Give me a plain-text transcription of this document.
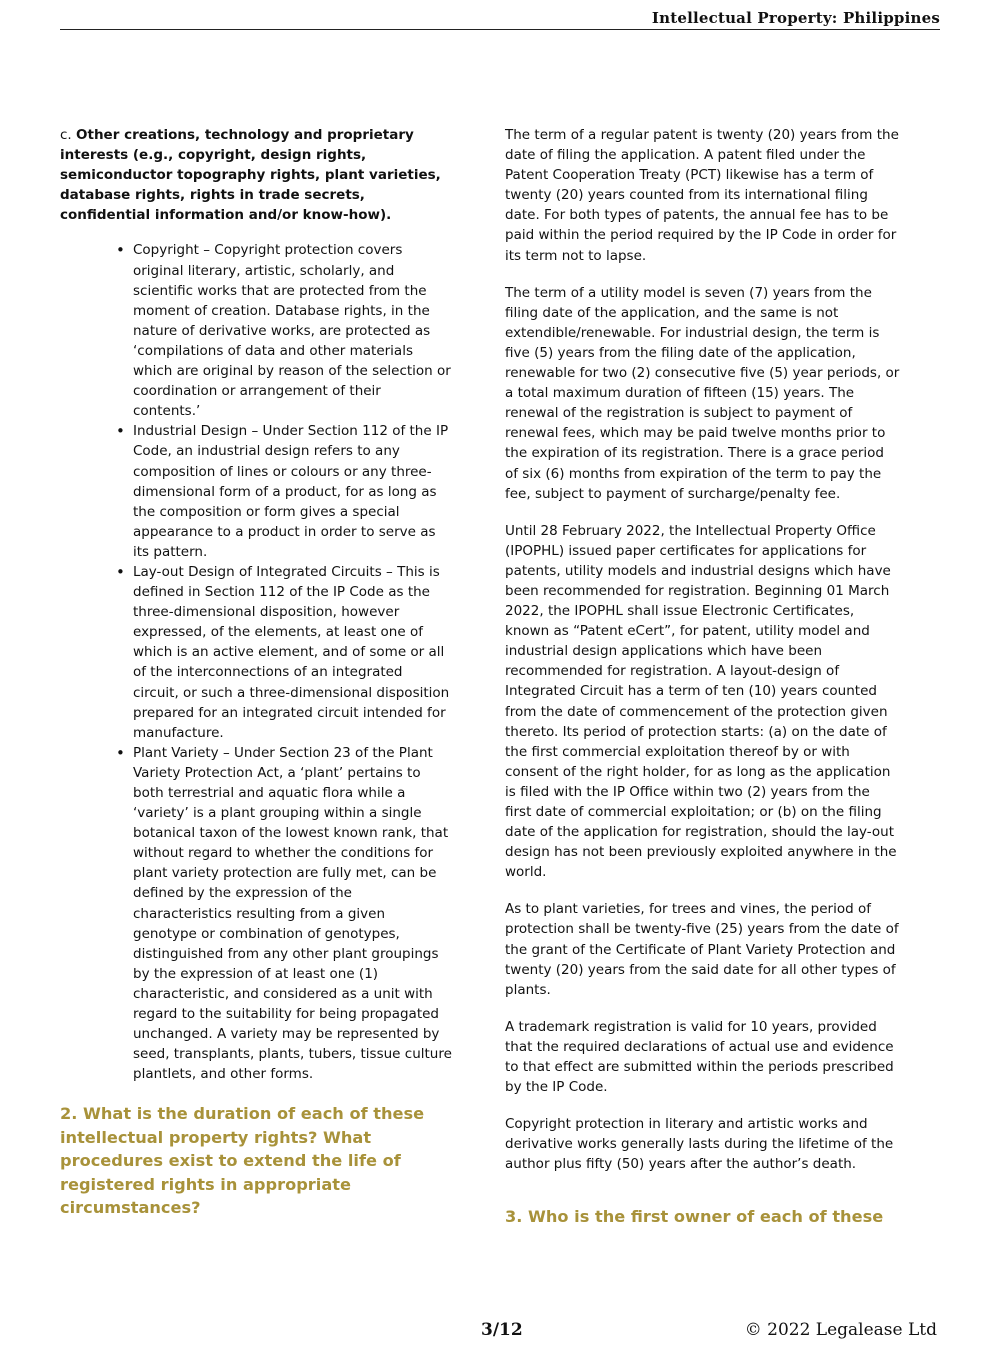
Intellectual Property: Philippines

c. Other creations, technology and proprietary interests (e.g., copyright, design rights, semiconductor topography rights, plant varieties, database rights, rights in trade secrets, confidential information and/or know-how).

• Copyright – Copyright protection covers original literary, artistic, scholarly, and scientific works that are protected from the moment of creation. Database rights, in the nature of derivative works, are protected as ‘compilations of data and other materials which are original by reason of the selection or coordination or arrangement of their contents.’
• Industrial Design – Under Section 112 of the IP Code, an industrial design refers to any composition of lines or colours or any three-dimensional form of a product, for as long as the composition or form gives a special appearance to a product in order to serve as its pattern.
• Lay-out Design of Integrated Circuits – This is defined in Section 112 of the IP Code as the three-dimensional disposition, however expressed, of the elements, at least one of which is an active element, and of some or all of the interconnections of an integrated circuit, or such a three-dimensional disposition prepared for an integrated circuit intended for manufacture.
• Plant Variety – Under Section 23 of the Plant Variety Protection Act, a ‘plant’ pertains to both terrestrial and aquatic flora while a ‘variety’ is a plant grouping within a single botanical taxon of the lowest known rank, that without regard to whether the conditions for plant variety protection are fully met, can be defined by the expression of the characteristics resulting from a given genotype or combination of genotypes, distinguished from any other plant groupings by the expression of at least one (1) characteristic, and considered as a unit with regard to the suitability for being propagated unchanged. A variety may be represented by seed, transplants, plants, tubers, tissue culture plantlets, and other forms.
2. What is the duration of each of these intellectual property rights? What procedures exist to extend the life of registered rights in appropriate circumstances?

The term of a regular patent is twenty (20) years from the date of filing the application. A patent filed under the Patent Cooperation Treaty (PCT) likewise has a term of twenty (20) years counted from its international filing date. For both types of patents, the annual fee has to be paid within the period required by the IP Code in order for its term not to lapse.

The term of a utility model is seven (7) years from the filing date of the application, and the same is not extendible/renewable. For industrial design, the term is five (5) years from the filing date of the application, renewable for two (2) consecutive five (5) year periods, or a total maximum duration of fifteen (15) years. The renewal of the registration is subject to payment of renewal fees, which may be paid twelve months prior to the expiration of its registration. There is a grace period of six (6) months from expiration of the term to pay the fee, subject to payment of surcharge/penalty fee.

Until 28 February 2022, the Intellectual Property Office (IPOPHL) issued paper certificates for applications for patents, utility models and industrial designs which have been recommended for registration. Beginning 01 March 2022, the IPOPHL shall issue Electronic Certificates, known as “Patent eCert”, for patent, utility model and industrial design applications which have been recommended for registration. A layout-design of Integrated Circuit has a term of ten (10) years counted from the date of commencement of the protection given thereto. Its period of protection starts: (a) on the date of the first commercial exploitation thereof by or with consent of the right holder, for as long as the application is filed with the IP Office within two (2) years from the first date of commercial exploitation; or (b) on the filing date of the application for registration, should the lay-out design has not been previously exploited anywhere in the world.

As to plant varieties, for trees and vines, the period of protection shall be twenty-five (25) years from the date of the grant of the Certificate of Plant Variety Protection and twenty (20) years from the said date for all other types of plants.

A trademark registration is valid for 10 years, provided that the required declarations of actual use and evidence to that effect are submitted within the periods prescribed by the IP Code.

Copyright protection in literary and artistic works and derivative works generally lasts during the lifetime of the author plus fifty (50) years after the author’s death.

3. Who is the first owner of each of these
3/12	© 2022 Legalease Ltd
